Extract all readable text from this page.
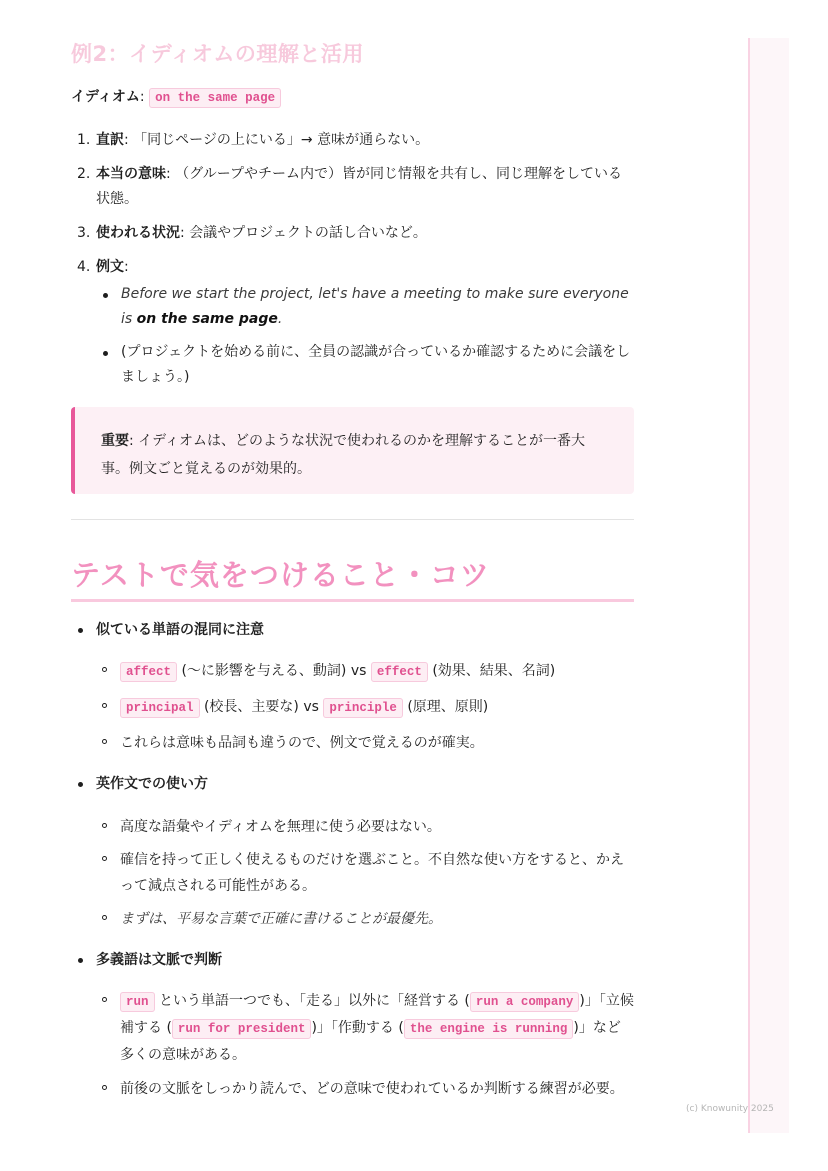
例2：イディオムの理解と活用
イディオム: on the same page
1. 直訳: 「同じページの上にいる」→ 意味が通らない。
2. 本当の意味: （グループやチーム内で）皆が同じ情報を共有し、同じ理解をしている状態。
3. 使われる状況: 会議やプロジェクトの話し合いなど。
4. 例文:
Before we start the project, let's have a meeting to make sure everyone is on the same page.
(プロジェクトを始める前に、全員の認識が合っているか確認するために会議をしましょう。)
重要: イディオムは、どのような状況で使われるのかを理解することが一番大事。例文ごと覚えるのが効果的。
テストで気をつけること・コツ
似ている単語の混同に注意
affect (〜に影響を与える、動詞) vs effect (効果、結果、名詞)
principal (校長、主要な) vs principle (原理、原則)
これらは意味も品詞も違うので、例文で覚えるのが確実。
英作文での使い方
高度な語彙やイディオムを無理に使う必要はない。
確信を持って正しく使えるものだけを選ぶこと。不自然な使い方をすると、かえって減点される可能性がある。
まずは、平易な言葉で正確に書けることが最優先。
多義語は文脈で判断
run という単語一つでも、「走る」以外に「経営する ( run a company )」「立候補する ( run for president )」「作動する ( the engine is running )」など多くの意味がある。
前後の文脈をしっかり読んで、どの意味で使われているか判断する練習が必要。
(c) Knowunity 2025
